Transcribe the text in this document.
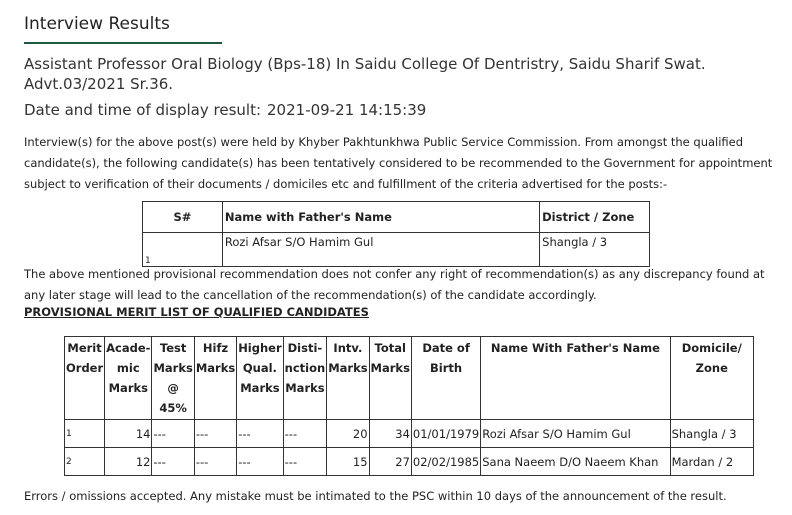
Interview Results
Assistant Professor Oral Biology (Bps-18) In Saidu College Of Dentristry, Saidu Sharif Swat. Advt.03/2021 Sr.36.
Date and time of display result: 2021-09-21 14:15:39
Interview(s) for the above post(s) were held by Khyber Pakhtunkhwa Public Service Commission. From amongst the qualified candidate(s), the following candidate(s) has been tentatively considered to be recommended to the Government for appointment subject to verification of their documents / domiciles etc and fulfillment of the criteria advertised for the posts:-
S#	Name with Father's Name	District / Zone
1	Rozi Afsar S/O Hamim Gul	Shangla / 3
The above mentioned provisional recommendation does not confer any right of recommendation(s) as any discrepancy found at any later stage will lead to the cancellation of the recommendation(s) of the candidate accordingly.
PROVISIONAL MERIT LIST OF QUALIFIED CANDIDATES
Merit Order	Acade-mic Marks	Test Marks @ 45%	Hifz Marks	Higher Qual. Marks	Disti-nction Marks	Intv. Marks	Total Marks	Date of Birth	Name With Father's Name	Domicile/ Zone
1	14	---	---	---	---	20	34	01/01/1979	Rozi Afsar S/O Hamim Gul	Shangla / 3
2	12	---	---	---	---	15	27	02/02/1985	Sana Naeem D/O Naeem Khan	Mardan / 2
Errors / omissions accepted. Any mistake must be intimated to the PSC within 10 days of the announcement of the result.
